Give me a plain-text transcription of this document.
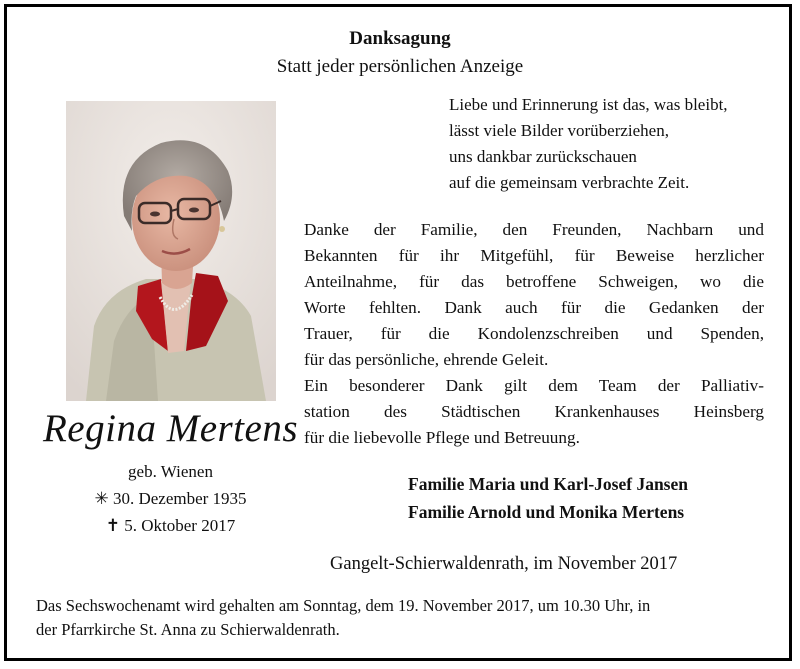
Danksagung
Statt jeder persönlichen Anzeige
Liebe und Erinnerung ist das, was bleibt,
lässt viele Bilder vorüberziehen,
uns dankbar zurückschauen
auf die gemeinsam verbrachte Zeit.

Danke der Familie, den Freunden, Nachbarn und

Bekannten für ihr Mitgefühl, für Beweise herzlicher

Anteilnahme, für das betroffene Schweigen, wo die

Worte fehlten. Dank auch für die Gedanken der

Trauer, für die Kondolenzschreiben und Spenden,

für das persönliche, ehrende Geleit.

Ein besonderer Dank gilt dem Team der Palliativ-

station des Städtischen Krankenhauses Heinsberg

für die liebevolle Pflege und Betreuung.

Regina Mertens
geb. Wienen
✳ 30. Dezember 1935
✝ 5. Oktober 2017
Familie Maria und Karl-Josef Jansen
Familie Arnold und Monika Mertens
Gangelt-Schierwaldenrath, im November 2017
Das Sechswochenamt wird gehalten am Sonntag, dem 19. November 2017, um 10.30 Uhr, in
der Pfarrkirche St. Anna zu Schierwaldenrath.
